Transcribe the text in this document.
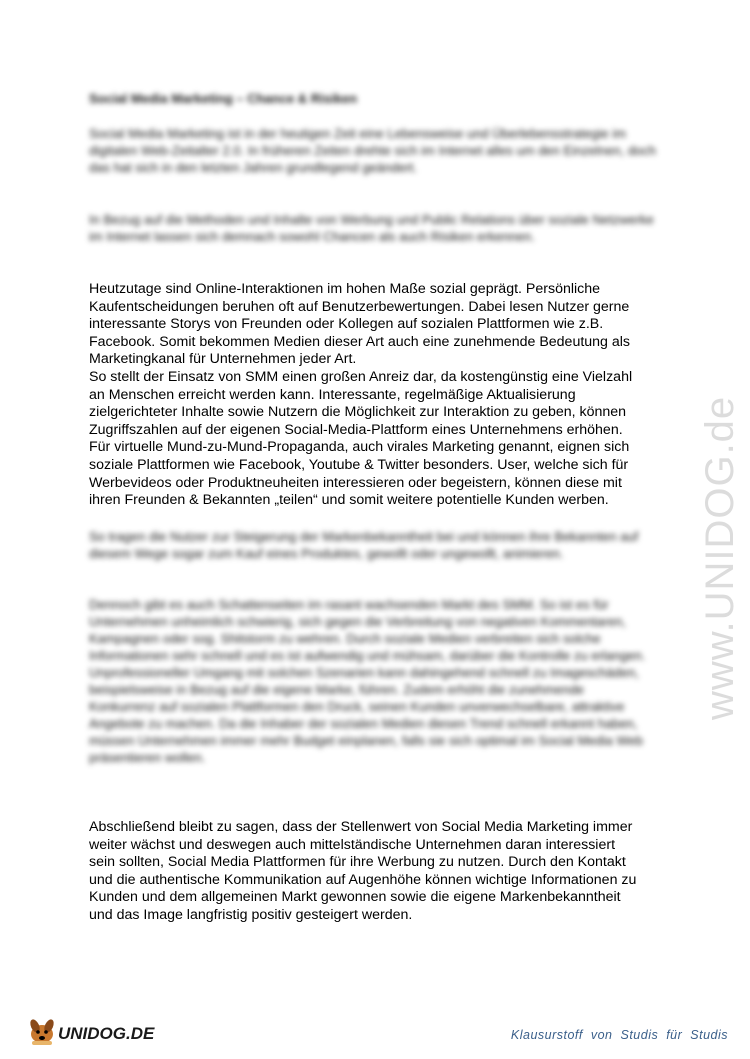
Social Media Marketing – Chance & Risiken

Social Media Marketing ist in der heutigen Zeit eine Lebensweise und Überlebensstrategie im digitalen Web-Zeitalter 2.0. In früheren Zeiten drehte sich im Internet alles um den Einzelnen, doch das hat sich in den letzten Jahren grundlegend geändert.

In Bezug auf die Methoden und Inhalte von Werbung und Public Relations über soziale Netzwerke im Internet lassen sich demnach sowohl Chancen als auch Risiken erkennen.

Heutzutage sind Online-Interaktionen im hohen Maße sozial geprägt. Persönliche Kaufentscheidungen beruhen oft auf Benutzerbewertungen. Dabei lesen Nutzer gerne interessante Storys von Freunden oder Kollegen auf sozialen Plattformen wie z.B. Facebook. Somit bekommen Medien dieser Art auch eine zunehmende Bedeutung als Marketingkanal für Unternehmen jeder Art.
So stellt der Einsatz von SMM einen großen Anreiz dar, da kostengünstig eine Vielzahl an Menschen erreicht werden kann. Interessante, regelmäßige Aktualisierung zielgerichteter Inhalte sowie Nutzern die Möglichkeit zur Interaktion zu geben, können Zugriffszahlen auf der eigenen Social-Media-Plattform eines Unternehmens erhöhen.
Für virtuelle Mund-zu-Mund-Propaganda, auch virales Marketing genannt, eignen sich soziale Plattformen wie Facebook, Youtube & Twitter besonders. User, welche sich für Werbevideos oder Produktneuheiten interessieren oder begeistern, können diese mit ihren Freunden & Bekannten „teilen“ und somit weitere potentielle Kunden werben.

So tragen die Nutzer zur Steigerung der Markenbekanntheit bei und können ihre Bekannten auf diesem Wege sogar zum Kauf eines Produktes, gewollt oder ungewollt, animieren.

Dennoch gibt es auch Schattenseiten im rasant wachsenden Markt des SMM. So ist es für Unternehmen unheimlich schwierig, sich gegen die Verbreitung von negativen Kommentaren, Kampagnen oder sog. Shitstorm zu wehren. Durch soziale Medien verbreiten sich solche Informationen sehr schnell und es ist aufwendig und mühsam, darüber die Kontrolle zu erlangen. Unprofessioneller Umgang mit solchen Szenarien kann dahingehend schnell zu Imageschäden, beispielsweise in Bezug auf die eigene Marke, führen. Zudem erhöht die zunehmende Konkurrenz auf sozialen Plattformen den Druck, seinen Kunden unverwechselbare, attraktive Angebote zu machen. Da die Inhaber der sozialen Medien diesen Trend schnell erkannt haben, müssen Unternehmen immer mehr Budget einplanen, falls sie sich optimal im Social Media Web präsentieren wollen.

Abschließend bleibt zu sagen, dass der Stellenwert von Social Media Marketing immer weiter wächst und deswegen auch mittelständische Unternehmen daran interessiert sein sollten, Social Media Plattformen für ihre Werbung zu nutzen. Durch den Kontakt und die authentische Kommunikation auf Augenhöhe können wichtige Informationen zu Kunden und dem allgemeinen Markt gewonnen sowie die eigene Markenbekanntheit und das Image langfristig positiv gesteigert werden.

www.UNIDOG.de
UNIDOG.DE	Klausurstoff von Studis für Studis
